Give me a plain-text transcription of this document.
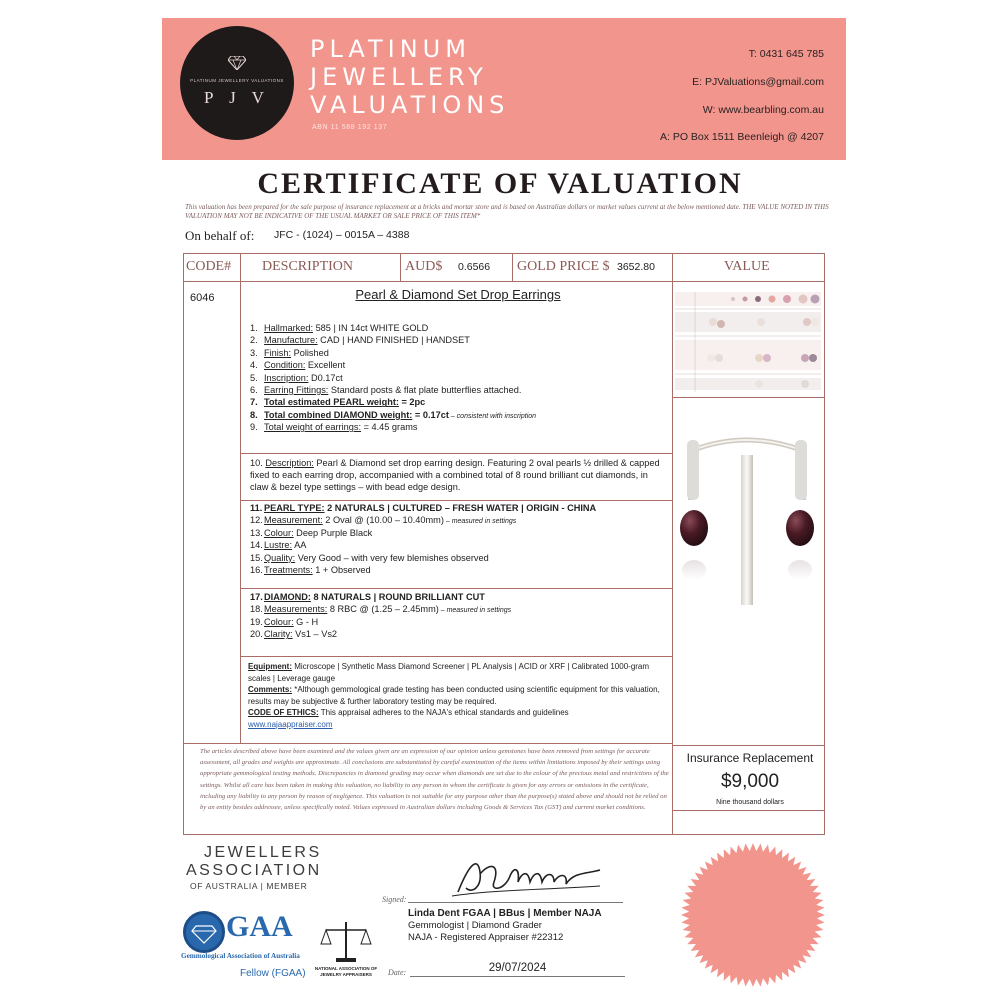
PLATINUM JEWELLERY VALUATIONS
P J V
PLATINUM
JEWELLERY
VALUATIONS
ABN 11 588 192 137
T: 0431 645 785
E: PJValuations@gmail.com
W: www.bearbling.com.au
A: PO Box 1511 Beenleigh @ 4207
CERTIFICATE OF VALUATION
This valuation has been prepared for the sale purpose of insurance replacement at a bricks and mortar store and is based on Australian dollars or market values current at the below mentioned date. THE VALUE NOTED IN THIS VALUATION MAY NOT BE INDICATIVE OF THE USUAL MARKET OR SALE PRICE OF THIS ITEM*
On behalf of: JFC - (1024) – 0015A – 4388
CODE# DESCRIPTION	AUD$ 0.6566 GOLD PRICE $ 3652.80	VALUE
6046	Pearl & Diamond Set Drop Earrings
1. Hallmarked: 585 | IN 14ct WHITE GOLD
2. Manufacture: CAD | HAND FINISHED | HANDSET
3. Finish: Polished
4. Condition: Excellent
5. Inscription: D0.17ct
6. Earring Fittings: Standard posts & flat plate butterflies attached.
7. Total estimated PEARL weight: = 2pc
8. Total combined DIAMOND weight: = 0.17ct – consistent with inscription
9. Total weight of earrings: = 4.45 grams
10. Description: Pearl & Diamond set drop earring design. Featuring 2 oval pearls ½ drilled & capped fixed to each earring drop, accompanied with a combined total of 8 round brilliant cut diamonds, in claw & bezel type settings – with bead edge design.
11. PEARL TYPE: 2 NATURALS | CULTURED – FRESH WATER | ORIGIN - CHINA
12.Measurement: 2 Oval @ (10.00 – 10.40mm) – measured in settings
13.Colour: Deep Purple Black
14.Lustre: AA
15.Quality: Very Good – with very few blemishes observed
16.Treatments: 1 + Observed
17.DIAMOND: 8 NATURALS | ROUND BRILLIANT CUT
18.Measurements: 8 RBC @ (1.25 – 2.45mm) – measured in settings
19.Colour: G - H
20.Clarity: Vs1 – Vs2
Equipment: Microscope | Synthetic Mass Diamond Screener | PL Analysis | ACID or XRF | Calibrated 1000-gram scales | Leverage gauge
Comments: *Although gemmological grade testing has been conducted using scientific equipment for this valuation, results may be subjective & further laboratory testing may be required.
CODE OF ETHICS: This appraisal adheres to the NAJA's ethical standards and guidelines
www.najaappraiser.com
The articles described above have been examined and the values given are an expression of our opinion unless gemstones have been removed from settings for accurate assessment, all grades and weights are approximate. All conclusions are substantiated by careful examination of the items within limitations imposed by their settings using appropriate gemmological testing methods. Discrepancies in diamond grading may occur when diamonds are set due to the colour of the precious metal and restrictions of the settings. Whilst all care has been taken in making this valuation, no liability to any person to whom the certificate is given for any errors or omissions in the certificate, including any liability to any person by reason of negligence. This valuation is not suitable for any purpose other than the purpose(s) stated above and should not be relied on by an entity besides addressee, unless specifically noted. Values expressed in Australian dollars including Goods & Services Tax (GST) and current market conditions.
Insurance Replacement
$9,000
Nine thousand dollars
JEWELLERS
ASSOCIATION
OF AUSTRALIA | MEMBER
GAA
Gemmological Association of Australia
Fellow (FGAA)	NATIONAL ASSOCIATION OF JEWELRY APPRAISERS
Signed:
Linda Dent FGAA | BBus | Member NAJA
Gemmologist | Diamond Grader
NAJA - Registered Appraiser #22312
Date:	29/07/2024
